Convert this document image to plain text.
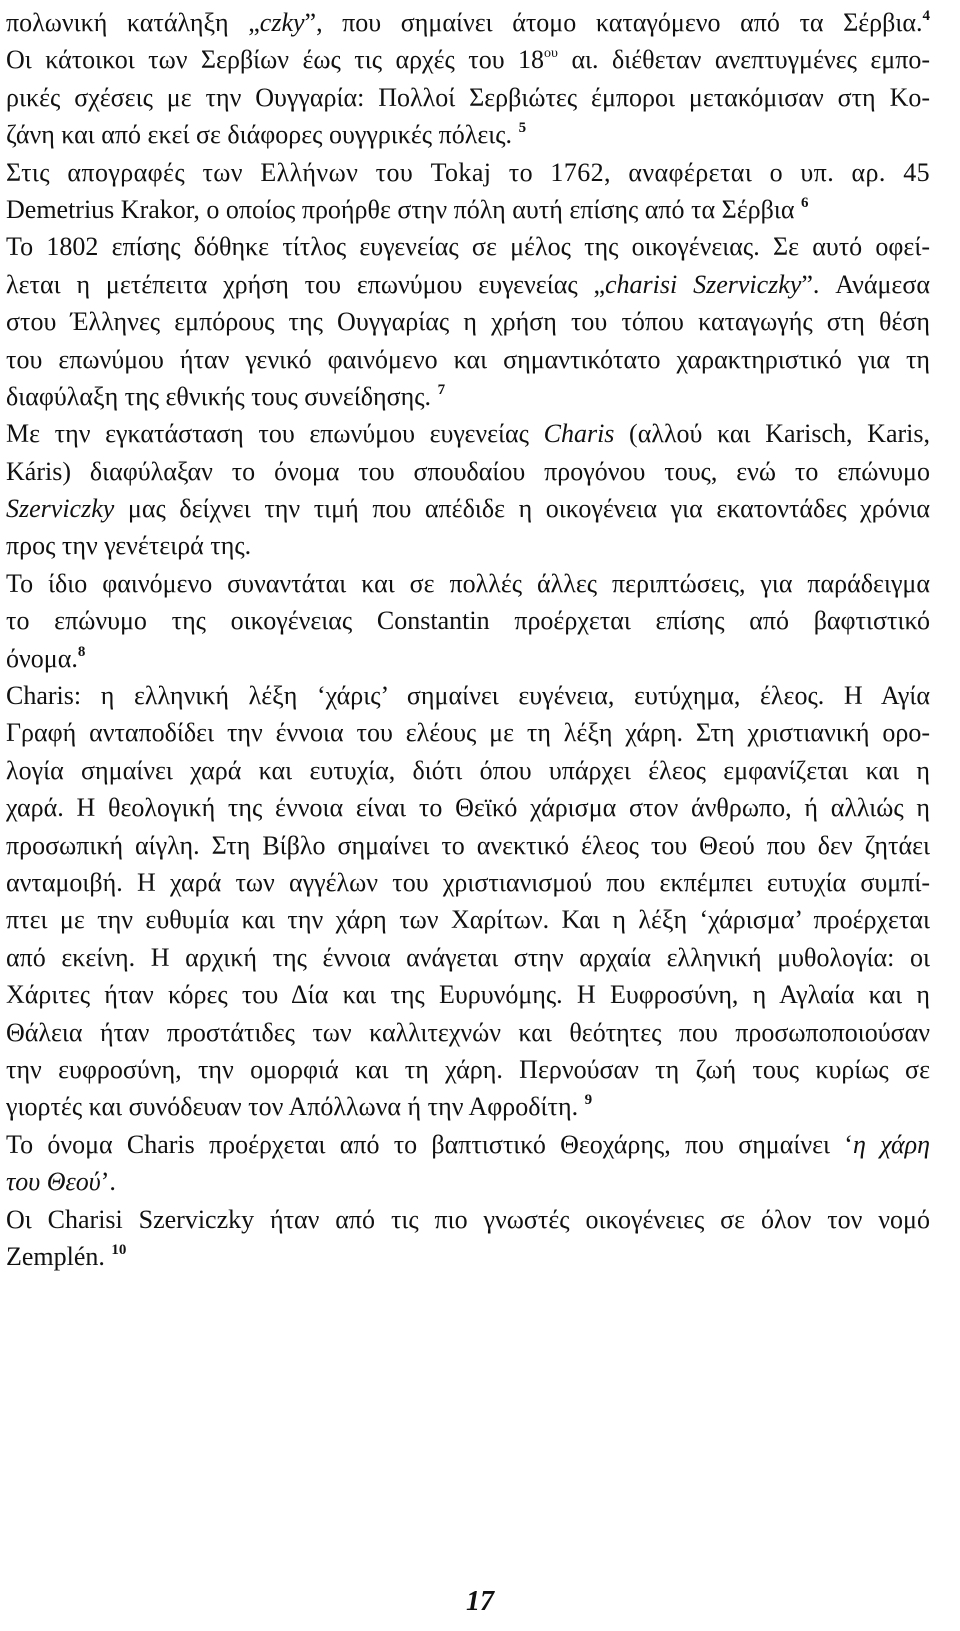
πολωνική κατάληξη „czky”, που σημαίνει άτομο καταγόμενο από τα Σέρβια.$^4$
Οι κάτοικοι των Σερβίων έως τις αρχές του $18^{o\upsilon}$ αι. διέθεταν ανεπτυγμένες εμπο-
ρικές σχέσεις με την Ουγγαρία: Πολλοί Σερβιώτες έμποροι μετακόμισαν στη Κο-
ζάνη και από εκεί σε διάφορες ουγγρικές πόλεις. $^5$
Στις απογραφές των Ελλήνων του Tokaj το 1762, αναφέρεται ο υπ. αρ. 45
Demetrius Krakor, ο οποίος προήρθε στην πόλη αυτή επίσης από τα Σέρβια $^6$
Το 1802 επίσης δόθηκε τίτλος ευγενείας σε μέλος της οικογένειας. Σε αυτό οφεί-
λεται η μετέπειτα χρήση του επωνύμου ευγενείας „charisi Szerviczky”. Ανάμεσα
στου Έλληνες εμπόρους της Ουγγαρίας η χρήση του τόπου καταγωγής στη θέση
του επωνύμου ήταν γενικό φαινόμενο και σημαντικότατο χαρακτηριστικό για τη
διαφύλαξη της εθνικής τους συνείδησης. $^7$
Με την εγκατάσταση του επωνύμου ευγενείας Charis (αλλού και Karisch, Karis,
Káris) διαφύλαξαν το όνομα του σπουδαίου προγόνου τους, ενώ το επώνυμο
Szerviczky μας δείχνει την τιμή που απέδιδε η οικογένεια για εκατοντάδες χρόνια
προς την γενέτειρά της.
Το ίδιο φαινόμενο συναντάται και σε πολλές άλλες περιπτώσεις, για παράδειγμα
το επώνυμο της οικογένειας Constantin προέρχεται επίσης από βαφτιστικό
όνομα.$^8$
Charis: η ελληνική λέξη ‘χάρις’ σημαίνει ευγένεια, ευτύχημα, έλεος. Η Αγία
Γραφή ανταποδίδει την έννοια του ελέους με τη λέξη χάρη. Στη χριστιανική ορο-
λογία σημαίνει χαρά και ευτυχία, διότι όπου υπάρχει έλεος εμφανίζεται και η
χαρά. Η θεολογική της έννοια είναι το Θεϊκό χάρισμα στον άνθρωπο, ή αλλιώς η
προσωπική αίγλη. Στη Βίβλο σημαίνει το ανεκτικό έλεος του Θεού που δεν ζητάει
ανταμοιβή. Η χαρά των αγγέλων του χριστιανισμού που εκπέμπει ευτυχία συμπί-
πτει με την ευθυμία και την χάρη των Χαρίτων. Και η λέξη ‘χάρισμα’ προέρχεται
από εκείνη. Η αρχική της έννοια ανάγεται στην αρχαία ελληνική μυθολογία: οι
Χάριτες ήταν κόρες του Δία και της Ευρυνόμης. Η Ευφροσύνη, η Αγλαία και η
Θάλεια ήταν προστάτιδες των καλλιτεχνών και θεότητες που προσωποποιούσαν
την ευφροσύνη, την ομορφιά και τη χάρη. Περνούσαν τη ζωή τους κυρίως σε
γιορτές και συνόδευαν τον Απόλλωνα ή την Αφροδίτη. $^9$
Το όνομα Charis προέρχεται από το βαπτιστικό Θεοχάρης, που σημαίνει ‘η χάρη
του Θεού’.
Οι Charisi Szerviczky ήταν από τις πιο γνωστές οικογένειες σε όλον τον νομό
Zemplén. $^{10}$
17
